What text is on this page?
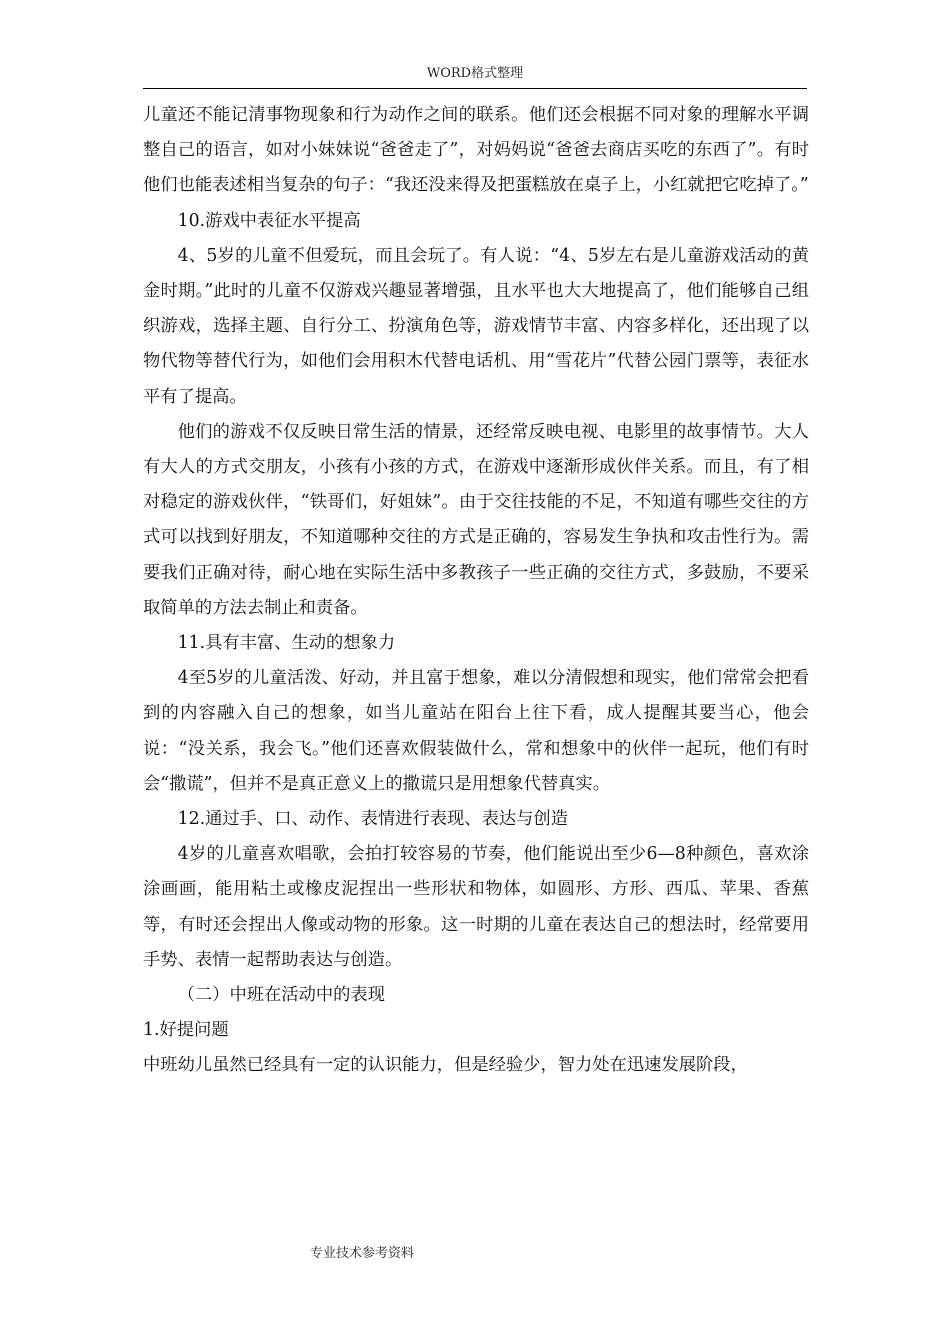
WORD格式整理

儿童还不能记清事物现象和行为动作之间的联系。他们还会根据不同对象的理解水平调整自己的语言，如对小妹妹说“爸爸走了”，对妈妈说“爸爸去商店买吃的东西了”。有时他们也能表述相当复杂的句子：“我还没来得及把蛋糕放在桌子上，小红就把它吃掉了。”

10.游戏中表征水平提高

4、5岁的儿童不但爱玩，而且会玩了。有人说：“4、5岁左右是儿童游戏活动的黄金时期。”此时的儿童不仅游戏兴趣显著增强，且水平也大大地提高了，他们能够自己组织游戏，选择主题、自行分工、扮演角色等，游戏情节丰富、内容多样化，还出现了以物代物等替代行为，如他们会用积木代替电话机、用“雪花片”代替公园门票等，表征水平有了提高。

他们的游戏不仅反映日常生活的情景，还经常反映电视、电影里的故事情节。大人有大人的方式交朋友，小孩有小孩的方式，在游戏中逐渐形成伙伴关系。而且，有了相对稳定的游戏伙伴，“铁哥们，好姐妹”。由于交往技能的不足，不知道有哪些交往的方式可以找到好朋友，不知道哪种交往的方式是正确的，容易发生争执和攻击性行为。需要我们正确对待，耐心地在实际生活中多教孩子一些正确的交往方式，多鼓励，不要采取简单的方法去制止和责备。

11.具有丰富、生动的想象力

4至5岁的儿童活泼、好动，并且富于想象，难以分清假想和现实，他们常常会把看到的内容融入自己的想象，如当儿童站在阳台上往下看，成人提醒其要当心，他会说：“没关系，我会飞。”他们还喜欢假装做什么，常和想象中的伙伴一起玩，他们有时会“撒谎”，但并不是真正意义上的撒谎只是用想象代替真实。

12.通过手、口、动作、表情进行表现、表达与创造

4岁的儿童喜欢唱歌，会拍打较容易的节奏，他们能说出至少6—8种颜色，喜欢涂涂画画，能用粘土或橡皮泥捏出一些形状和物体，如圆形、方形、西瓜、苹果、香蕉等，有时还会捏出人像或动物的形象。这一时期的儿童在表达自己的想法时，经常要用手势、表情一起帮助表达与创造。

（二）中班在活动中的表现

1.好提问题

中班幼儿虽然已经具有一定的认识能力，但是经验少，智力处在迅速发展阶段，

专业技术参考资料
